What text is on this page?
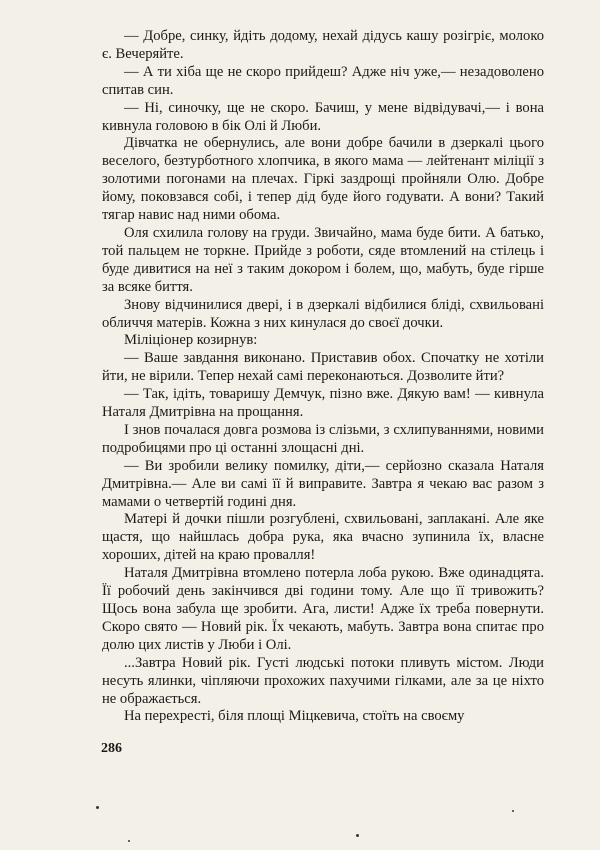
— Добре, синку, йдіть додому, нехай дідусь кашу розігріє, молоко є. Вечеряйте.

— А ти хіба ще не скоро прийдеш? Адже ніч уже,— незадоволено спитав син.

— Ні, синочку, ще не скоро. Бачиш, у мене відвідувачі,— і вона кивнула головою в бік Олі й Люби.

Дівчатка не обернулись, але вони добре бачили в дзеркалі цього веселого, безтурботного хлопчика, в якого мама — лейтенант міліції з золотими погонами на плечах. Гіркі заздрощі пройняли Олю. Добре йому, поковзався собі, і тепер дід буде його годувати. А вони? Такий тягар навис над ними обома.

Оля схилила голову на груди. Звичайно, мама буде бити. А батько, той пальцем не торкне. Прийде з роботи, сяде втомлений на стілець і буде дивитися на неї з таким докором і болем, що, мабуть, буде гірше за всяке биття.

Знову відчинилися двері, і в дзеркалі відбилися бліді, схвильовані обличчя матерів. Кожна з них кинулася до своєї дочки.

Міліціонер козирнув:

— Ваше завдання виконано. Приставив обох. Спочатку не хотіли йти, не вірили. Тепер нехай самі переконаються. Дозволите йти?

— Так, ідіть, товаришу Демчук, пізно вже. Дякую вам! — кивнула Наталя Дмитрівна на прощання.

І знов почалася довга розмова із слізьми, з схлипуваннями, новими подробицями про ці останні злощасні дні.

— Ви зробили велику помилку, діти,— серйозно сказала Наталя Дмитрівна.— Але ви самі її й виправите. Завтра я чекаю вас разом з мамами о четвертій годині дня.

Матері й дочки пішли розгублені, схвильовані, заплакані. Але яке щастя, що найшлась добра рука, яка вчасно зупинила їх, власне хороших, дітей на краю провалля!

Наталя Дмитрівна втомлено потерла лоба рукою. Вже одинадцята. Її робочий день закінчився дві години тому. Але що її тривожить? Щось вона забула ще зробити. Ага, листи! Адже їх треба повернути. Скоро свято — Новий рік. Їх чекають, мабуть. Завтра вона спитає про долю цих листів у Люби і Олі.

...Завтра Новий рік. Густі людські потоки пливуть містом. Люди несуть ялинки, чіпляючи прохожих пахучими гілками, але за це ніхто не ображається.

На перехресті, біля площі Міцкевича, стоїть на своєму

286
